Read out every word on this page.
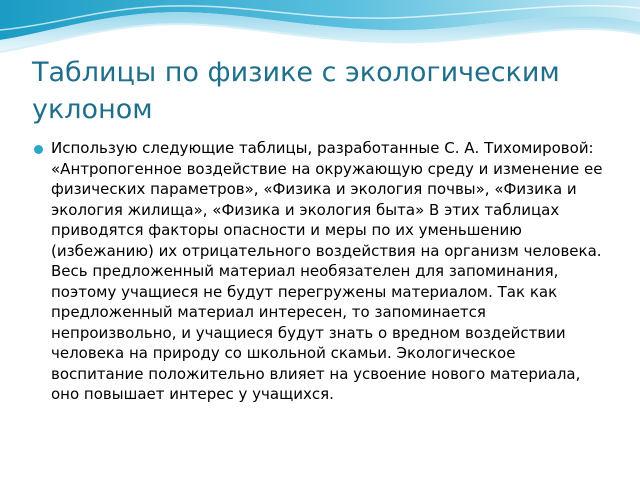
Таблицы по физике с экологическим уклоном

Использую следующие таблицы, разработанные С. А. Тихомировой: «Антропогенное воздействие на окружающую среду и изменение ее физических параметров», «Физика и экология почвы», «Физика и экология жилища», «Физика и экология быта» В этих таблицах приводятся факторы опасности и меры по их уменьшению (избежанию) их отрицательного воздействия на организм человека. Весь предложенный материал необязателен для запоминания, поэтому учащиеся не будут перегружены материалом. Так как предложенный материал интересен, то запоминается непроизвольно, и учащиеся будут знать о вредном воздействии человека на природу со школьной скамьи. Экологическое воспитание положительно влияет на усвоение нового материала, оно повышает интерес у учащихся.
